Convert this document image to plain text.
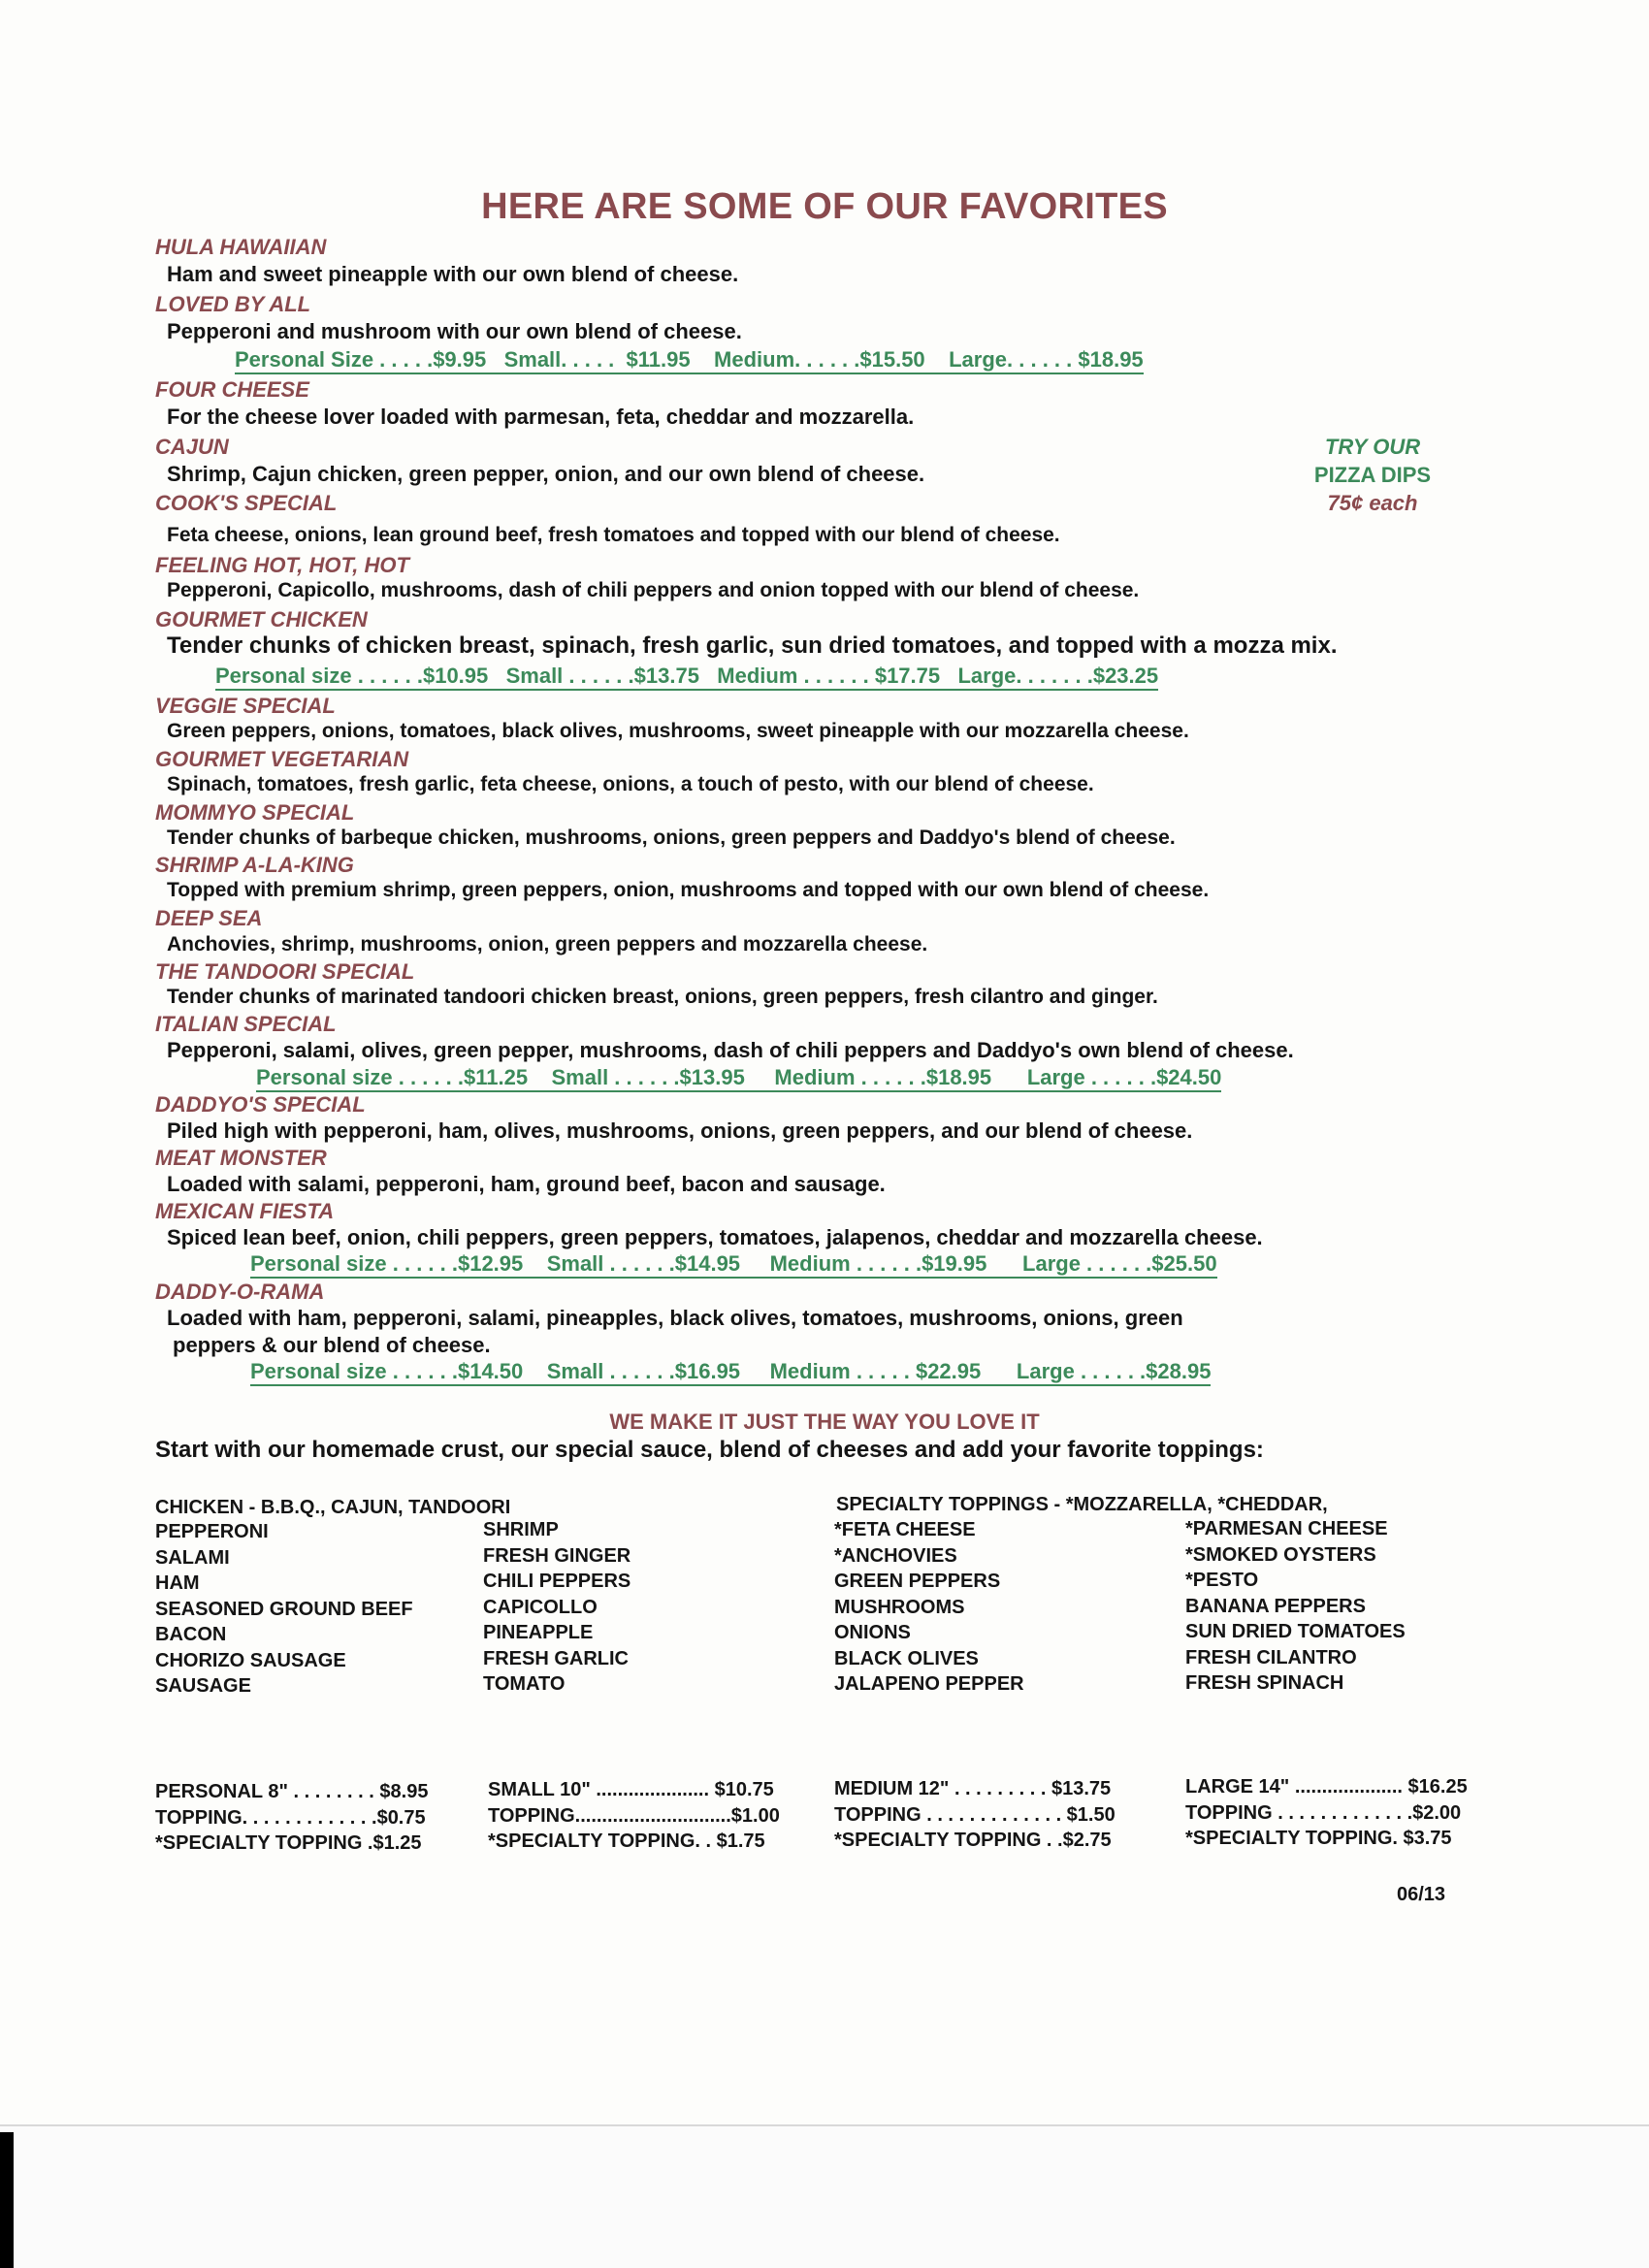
HERE ARE SOME OF OUR FAVORITES
HULA HAWAIIAN
Ham and sweet pineapple with our own blend of cheese.
LOVED BY ALL
Pepperoni and mushroom with our own blend of cheese.
Personal Size . . . . .$9.95   Small. . . . .  $11.95    Medium. . . . . .$15.50    Large. . . . . . $18.95
FOUR CHEESE
For the cheese lover loaded with parmesan, feta, cheddar and mozzarella.
CAJUN
Shrimp, Cajun chicken, green pepper, onion, and our own blend of cheese.
COOK'S SPECIAL
Feta cheese, onions, lean ground beef, fresh tomatoes and topped with our blend of cheese.
FEELING HOT, HOT, HOT
Pepperoni, Capicollo, mushrooms, dash of chili peppers and onion topped with our blend of cheese.
GOURMET CHICKEN
Tender chunks of chicken breast, spinach, fresh garlic, sun dried tomatoes, and topped with a mozza mix.
Personal size . . . . . .$10.95   Small . . . . . .$13.75   Medium . . . . . . $17.75   Large. . . . . . .$23.25
VEGGIE SPECIAL
Green peppers, onions, tomatoes, black olives, mushrooms, sweet pineapple with our mozzarella cheese.
GOURMET VEGETARIAN
Spinach, tomatoes, fresh garlic, feta cheese, onions, a touch of pesto, with our blend of cheese.
MOMMYO SPECIAL
Tender chunks of barbeque chicken, mushrooms, onions, green peppers and Daddyo's blend of cheese.
SHRIMP A-LA-KING
Topped with premium shrimp, green peppers, onion, mushrooms and topped with our own blend of cheese.
DEEP SEA
Anchovies, shrimp, mushrooms, onion, green peppers and mozzarella cheese.
THE TANDOORI SPECIAL
Tender chunks of marinated tandoori chicken breast, onions, green peppers, fresh cilantro and ginger.
ITALIAN SPECIAL
Pepperoni, salami, olives, green pepper, mushrooms, dash of chili peppers and Daddyo's own blend of cheese.
Personal size . . . . . .$11.25    Small . . . . . .$13.95     Medium . . . . . .$18.95      Large . . . . . .$24.50
DADDYO'S SPECIAL
Piled high with pepperoni, ham, olives, mushrooms, onions, green peppers, and our blend of cheese.
MEAT MONSTER
Loaded with salami, pepperoni, ham, ground beef, bacon and sausage.
MEXICAN FIESTA
Spiced lean beef, onion, chili peppers, green peppers, tomatoes, jalapenos, cheddar and mozzarella cheese.
Personal size . . . . . .$12.95    Small . . . . . .$14.95     Medium . . . . . .$19.95      Large . . . . . .$25.50
DADDY-O-RAMA
Loaded with ham, pepperoni, salami, pineapples, black olives, tomatoes, mushrooms, onions, green
peppers & our blend of cheese.
Personal size . . . . . .$14.50    Small . . . . . .$16.95     Medium . . . . . $22.95      Large . . . . . .$28.95
TRY OUR
PIZZA DIPS
75¢ each
WE MAKE IT JUST THE WAY YOU LOVE IT
Start with our homemade crust, our special sauce, blend of cheeses and add your favorite toppings:
CHICKEN - B.B.Q., CAJUN, TANDOORI	SPECIALTY TOPPINGS - *MOZZARELLA, *CHEDDAR,
PEPPERONI
SALAMI
HAM
SEASONED GROUND BEEF
BACON
CHORIZO SAUSAGE
SAUSAGE
SHRIMP
FRESH GINGER
CHILI PEPPERS
CAPICOLLO
PINEAPPLE
FRESH GARLIC
TOMATO
*FETA CHEESE
*ANCHOVIES
GREEN PEPPERS
MUSHROOMS
ONIONS
BLACK OLIVES
JALAPENO PEPPER
*PARMESAN CHEESE
*SMOKED OYSTERS
*PESTO
BANANA PEPPERS
SUN DRIED TOMATOES
FRESH CILANTRO
FRESH SPINACH
PERSONAL 8" . . . . . . . . $8.95
TOPPING. . . . . . . . . . . . .$0.75
*SPECIALTY TOPPING .$1.25
SMALL 10" ..................... $10.75
TOPPING.............................$1.00
*SPECIALTY TOPPING. . $1.75
MEDIUM 12" . . . . . . . . . $13.75
TOPPING . . . . . . . . . . . . . $1.50
*SPECIALTY TOPPING . .$2.75
LARGE 14" .................... $16.25
TOPPING . . . . . . . . . . . . .$2.00
*SPECIALTY TOPPING. $3.75
06/13
